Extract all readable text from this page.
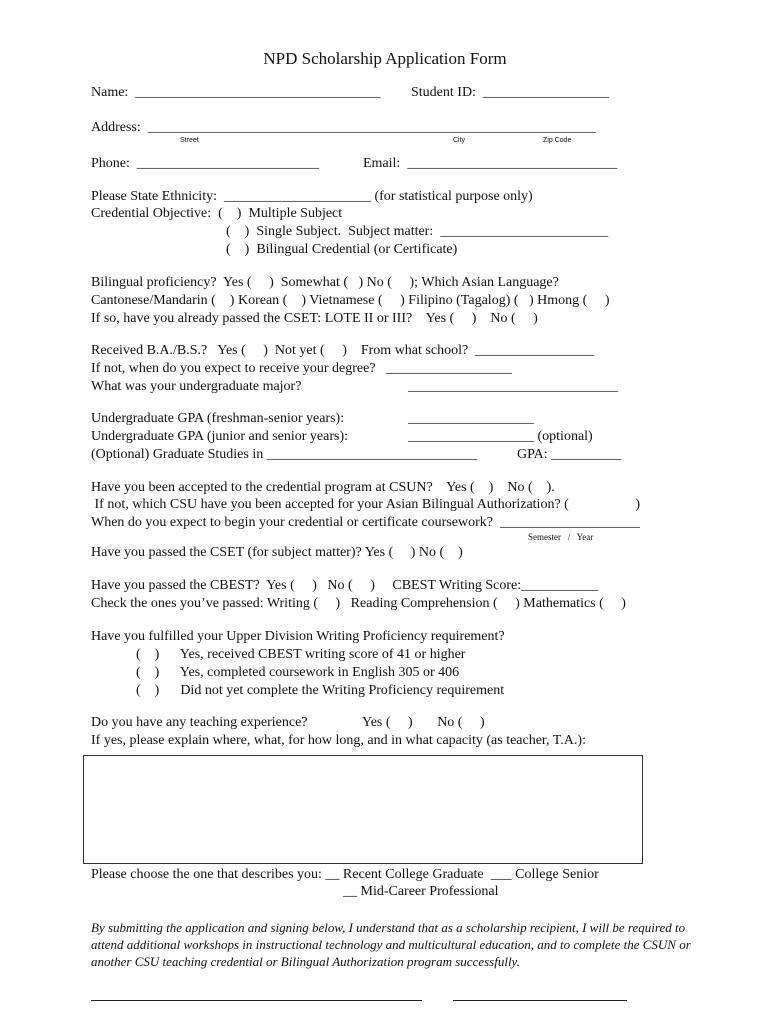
NPD Scholarship Application Form
Name:  ___________________________________ Student ID:  __________________
Address:  ________________________________________________________________
Street	City	Zip Code
Phone:  __________________________	Email:  ______________________________
Please State Ethnicity:  _____________________ (for statistical purpose only)
Credential Objective:  (    )  Multiple Subject
(    )  Single Subject.  Subject matter:  ________________________
(    )  Bilingual Credential (or Certificate)
Bilingual proficiency?  Yes (     )  Somewhat (   ) No (     ); Which Asian Language?
Cantonese/Mandarin (    ) Korean (    ) Vietnamese (     ) Filipino (Tagalog) (   ) Hmong (     )
If so, have you already passed the CSET: LOTE II or III?    Yes (     )    No (     )
Received B.A./B.S.?   Yes (     )  Not yet (     )    From what school?  _________________
If not, when do you expect to receive your degree?   __________________
What was your undergraduate major?	______________________________
Undergraduate GPA (freshman-senior years):	__________________
Undergraduate GPA (junior and senior years):	__________________ (optional)
(Optional) Graduate Studies in ______________________________	GPA: __________
Have you been accepted to the credential program at CSUN?    Yes (    )    No (    ).
If not, which CSU have you been accepted for your Asian Bilingual Authorization? (                   )
When do you expect to begin your credential or certificate coursework?  ____________________
Semester   /   Year
Have you passed the CSET (for subject matter)? Yes (     ) No (    )
Have you passed the CBEST?  Yes (     )   No (     )     CBEST Writing Score:___________
Check the ones you’ve passed: Writing (     )   Reading Comprehension (     ) Mathematics (     )
Have you fulfilled your Upper Division Writing Proficiency requirement?
(    )      Yes, received CBEST writing score of 41 or higher
(    )      Yes, completed coursework in English 305 or 406
(    )      Did not yet complete the Writing Proficiency requirement
Do you have any teaching experience?	Yes (     )       No (     )
If yes, please explain where, what, for how long, and in what capacity (as teacher, T.A.):
Please choose the one that describes you: __ Recent College Graduate  ___ College Senior
__ Mid-Career Professional
By submitting the application and signing below, I understand that as a scholarship recipient, I will be required to attend additional workshops in instructional technology and multicultural education, and to complete the CSUN or another CSU teaching credential or Bilingual Authorization program successfully.
